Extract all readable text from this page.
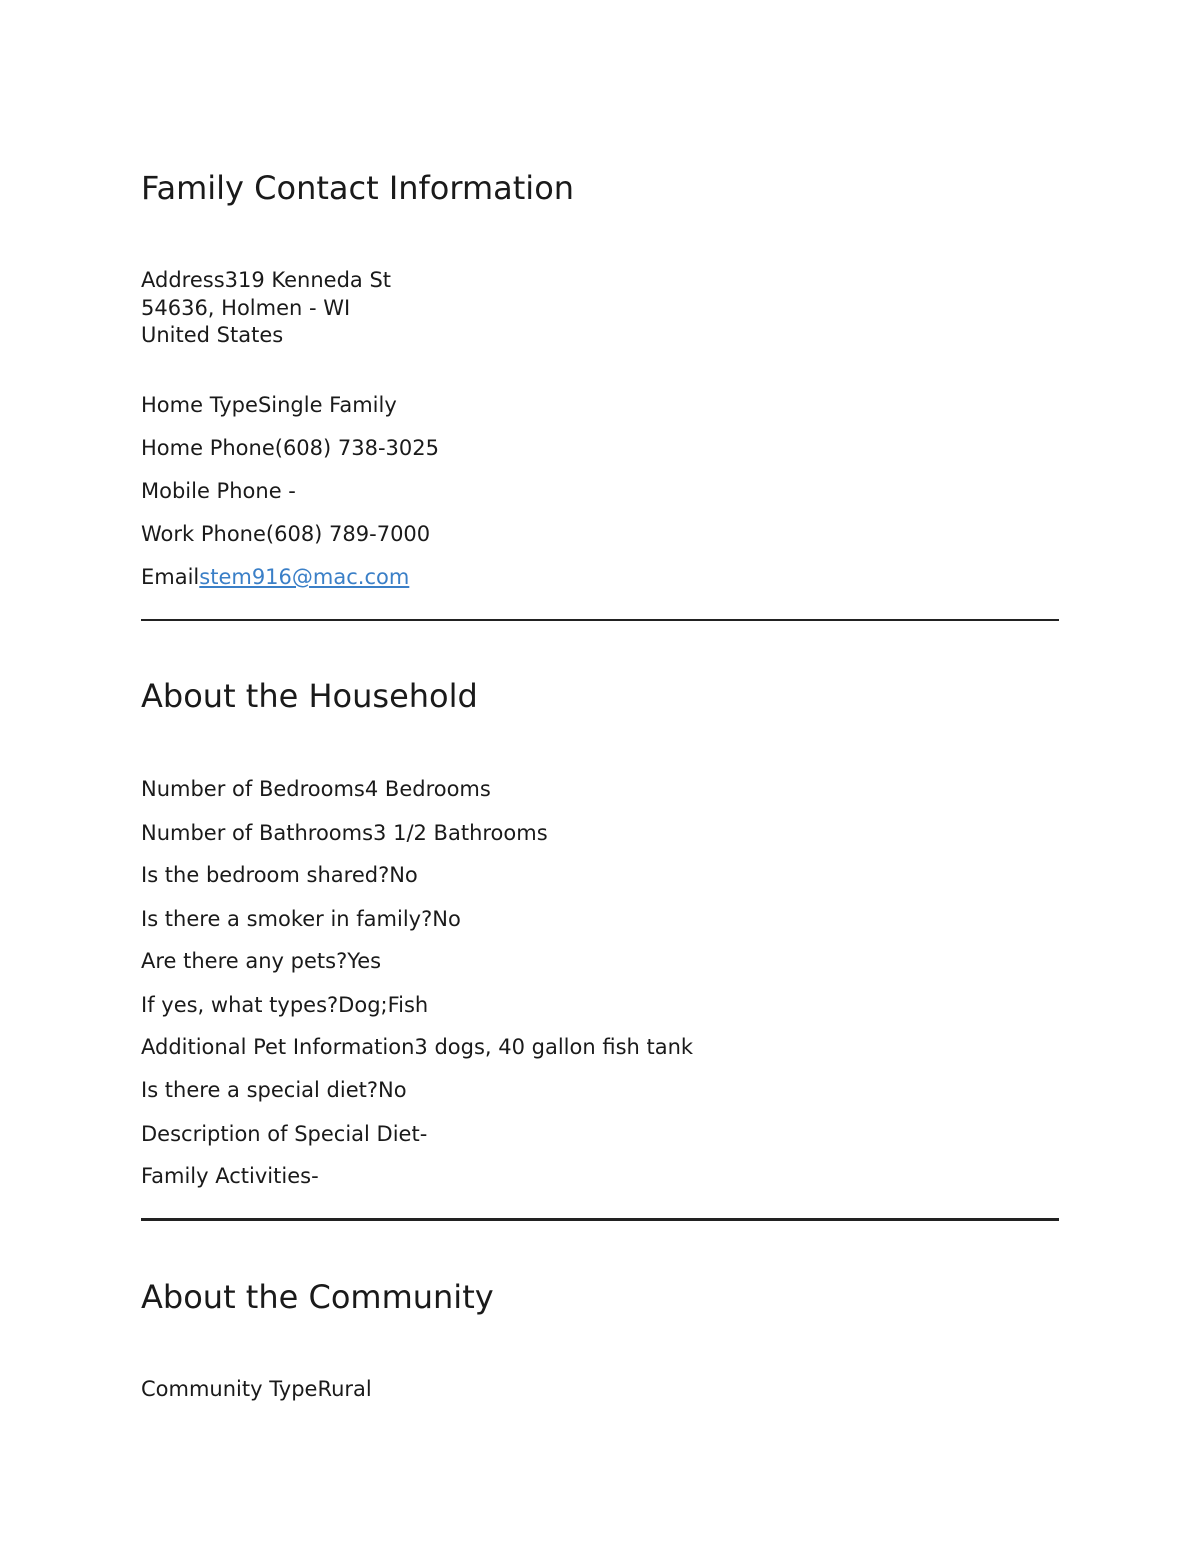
Family Contact Information
Address319 Kenneda St
54636, Holmen - WI
United States
Home TypeSingle Family
Home Phone(608) 738-3025
Mobile Phone -
Work Phone(608) 789-7000
Emailstem916@mac.com
About the Household
Number of Bedrooms4 Bedrooms
Number of Bathrooms3 1/2 Bathrooms
Is the bedroom shared?No
Is there a smoker in family?No
Are there any pets?Yes
If yes, what types?Dog;Fish
Additional Pet Information3 dogs, 40 gallon fish tank
Is there a special diet?No
Description of Special Diet-
Family Activities-
About the Community
Community TypeRural
